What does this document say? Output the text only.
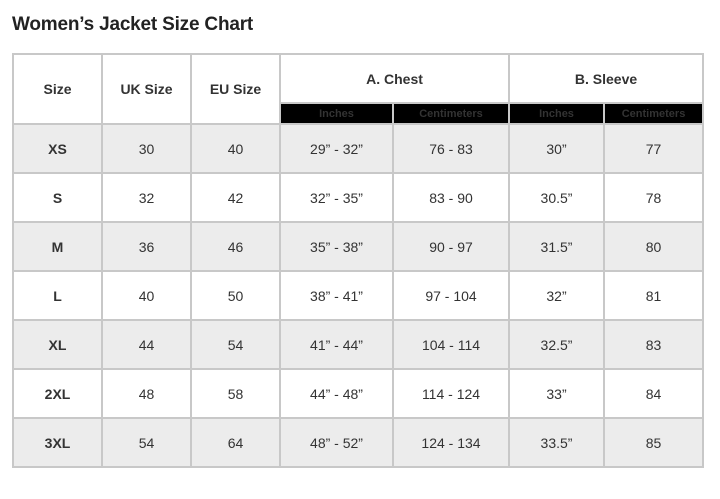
Women’s Jacket Size Chart
Size	UK Size	EU Size	A. Chest		B. Sleeve	
			Inches	Centimeters	Inches	Centimeters
XS	30	40	29” - 32”	76 - 83	30”	77
S	32	42	32” - 35”	83 - 90	30.5”	78
M	36	46	35” - 38”	90 - 97	31.5”	80
L	40	50	38” - 41”	97 - 104	32”	81
XL	44	54	41” - 44”	104 - 114	32.5”	83
2XL	48	58	44” - 48”	114 - 124	33”	84
3XL	54	64	48” - 52”	124 - 134	33.5”	85
